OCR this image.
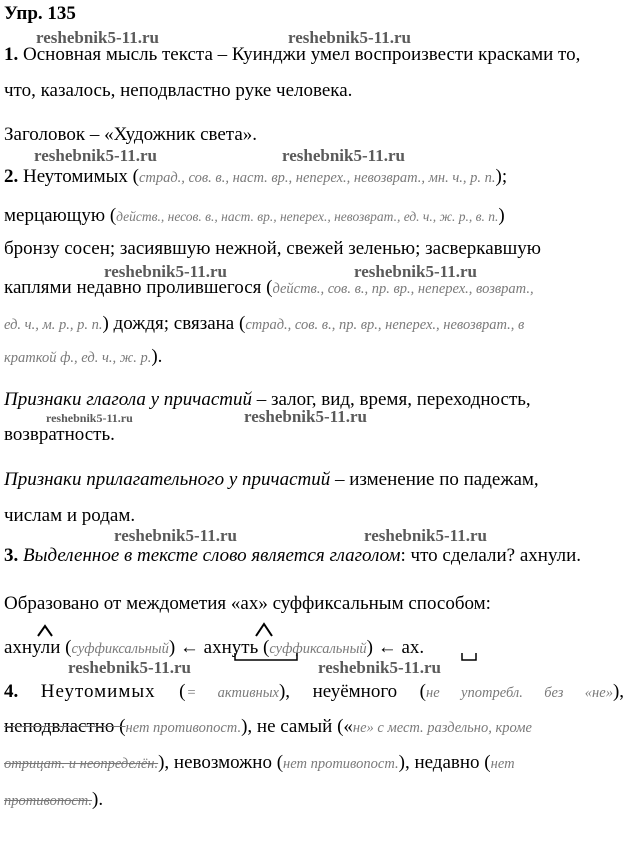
Упр. 135
reshebnik5-11.ru	reshebnik5-11.ru
reshebnik5-11.ru	reshebnik5-11.ru
reshebnik5-11.ru	reshebnik5-11.ru
reshebnik5-11.ru	reshebnik5-11.ru
reshebnik5-11.ru	reshebnik5-11.ru
reshebnik5-11.ru	reshebnik5-11.ru
1. Основная мысль текста – Куинджи умел воспроизвести красками то,
что, казалось, неподвластно руке человека.
Заголовок – «Художник света».
2. Неутомимых (страд., сов. в., наст. вр., неперех., невозврат., мн. ч., р. п.);
мерцающую (действ., несов. в., наст. вр., неперех., невозврат., ед. ч., ж. р., в. п.)
бронзу сосен; засиявшую нежной, свежей зеленью; засверкавшую
каплями недавно пролившегося (действ., сов. в., пр. вр., неперех., возврат.,
ед. ч., м. р., р. п.) дождя; связана (страд., сов. в., пр. вр., неперех., невозврат., в
краткой ф., ед. ч., ж. р.).
Признаки глагола у причастий – залог, вид, время, переходность,
возвратность.
Признаки прилагательного у причастий – изменение по падежам,
числам и родам.
3. Выделенное в тексте слово является глаголом: что сделали? ахнули.
Образовано от междометия «ах» суффиксальным способом:
ахнули (суффиксальный) ← ахнуть (суффиксальный) ← ах.
4. Неутомимых (= активных), неуёмного (не употребл. без «не»),
неподвластно (нет противопост.), не самый («не» с мест. раздельно, кроме
отрицат. и неопределён.), невозможно (нет противопост.), недавно (нет
противопост.).
